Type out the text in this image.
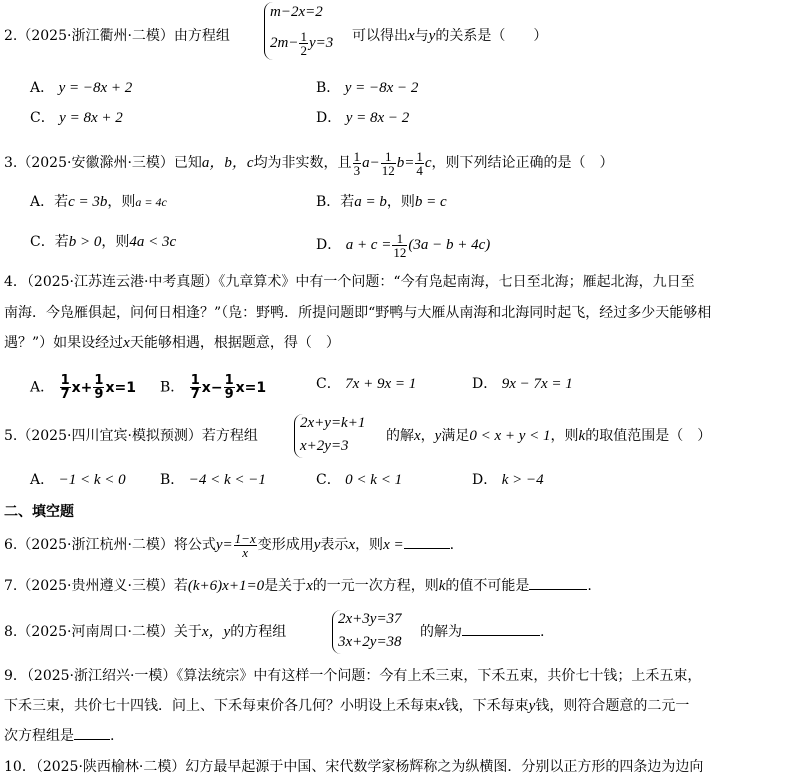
2.（2025·浙江衢州·二模）由方程组
m−2x=2
$2m- \frac{1}{2} y=3$ 可以得出x与y的关系是（　　）
A． y = −8x + 2	B． y = −8x − 2
C． y = 8x + 2	D． y = 8x − 2
3.（2025·安徽滁州·三模）已知a，b，c均为非实数，且 $\frac{1}{3} a- \frac{1}{12} b= \frac{1}{4}$ c，则下列结论正确的是（　）
A．若c = 3b，则a = 4c	B．若a = b，则b = c
C．若b > 0，则4a < 3c	D． $a + c = \frac{1}{12} (3a - b + 4c)$
4．（2025·江苏连云港·中考真题）《九章算术》中有一个问题：“今有凫起南海，七日至北海；雁起北海，九日至
南海．今凫雁俱起，问何日相逢？”（凫：野鸭．所提问题即“野鸭与大雁从南海和北海同时起飞，经过多少天能够相
遇？”）如果设经过x天能够相遇，根据题意，得（　）
A． $\frac{1}{7} x+ \frac{1}{9} x=1$ B． $\frac{1}{7} x- \frac{1}{9} x=1$	C． 7x + 9x = 1	D． 9x − 7x = 1
5.（2025·四川宜宾·模拟预测）若方程组
2x+y=k+1
x+2y=3
的解x，y满足0 < x + y < 1，则k的取值范围是（　）
A． −1 < k < 0 B． −4 < k < −1	C． 0 < k < 1	D． k > −4
二、填空题
6.（2025·浙江杭州·二模）将公式$y= \frac{1-x}{x}$ 变形成用y表示x，则x =	.
7.（2025·贵州遵义·三模）若(k+6)x+1=0是关于x的一元一次方程，则k的值不可能是	.
8.（2025·河南周口·二模）关于x，y的方程组
2x+3y=37
3x+2y=38
的解为	.
9．（2025·浙江绍兴·一模）《算法统宗》中有这样一个问题：今有上禾三束，下禾五束，共价七十钱；上禾五束，
下禾三束，共价七十四钱．问上、下禾每束价各几何？小明设上禾每束x钱，下禾每束y钱，则符合题意的二元一
次方程组是	.
10．（2025·陕西榆林·二模）幻方最早起源于中国、宋代数学家杨辉称之为纵横图．分别以正方形的四条边为边向
